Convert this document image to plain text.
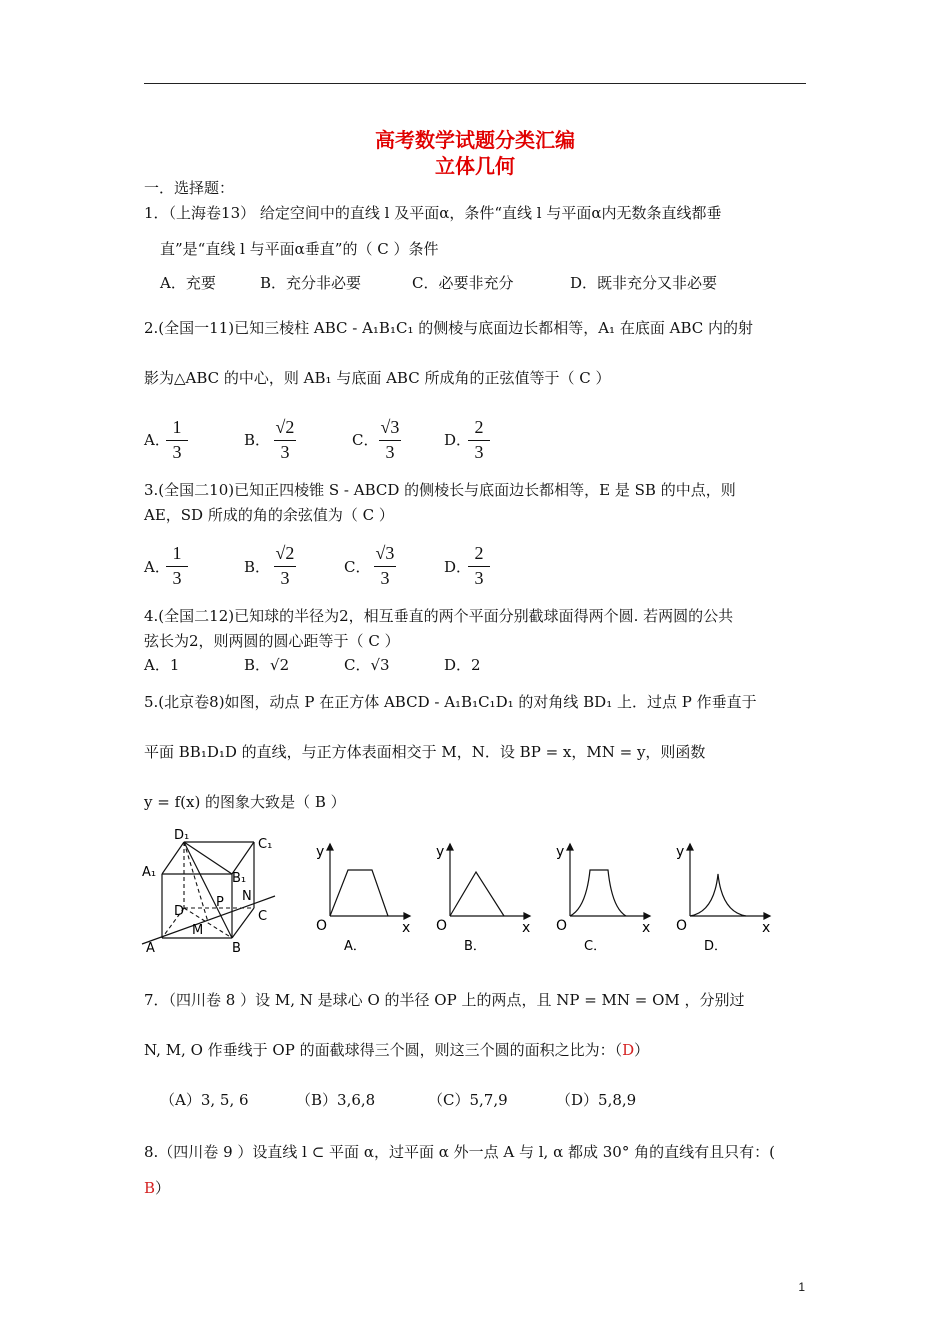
高考数学试题分类汇编
立体几何
一．选择题：
1．（上海卷13） 给定空间中的直线 l 及平面α，条件“直线 l 与平面α内无数条直线都垂
直”是“直线 l 与平面α垂直”的（ C ）条件
A．充要	B．充分非必要	C．必要非充分	D．既非充分又非必要
2.(全国一11)已知三棱柱 ABC - A₁B₁C₁ 的侧棱与底面边长都相等，A₁ 在底面 ABC 内的射
影为△ABC 的中心，则 AB₁ 与底面 ABC 所成角的正弦值等于（ C ）
A．
1
3
B．
√2
3
C．
√3
3
D．
2
3
3.(全国二10)已知正四棱锥 S - ABCD 的侧棱长与底面边长都相等，E 是 SB 的中点，则
AE，SD 所成的角的余弦值为（ C ）
A．
1
3
B．
√2
3
C．
√3
3
D．
2
3
4.(全国二12)已知球的半径为2，相互垂直的两个平面分别截球面得两个圆. 若两圆的公共
弦长为2，则两圆的圆心距等于（ C ）
A．1	B．√2	C．√3	D．2
5.(北京卷8)如图，动点 P 在正方体 ABCD - A₁B₁C₁D₁ 的对角线 BD₁ 上．过点 P 作垂直于
平面 BB₁D₁D 的直线，与正方体表面相交于 M，N．设 BP = x，MN = y，则函数
y = f(x) 的图象大致是（ B ）
D₁
C₁
A₁	B₁
N
P
D	C
M
A	B
y
O	x
A．
y
O	x
B．
y
O	x
C．
y
O	x
D．
7．（四川卷 8 ）设 M, N 是球心 O 的半径 OP 上的两点，且 NP = MN = OM ，分别过
N, M, O 作垂线于 OP 的面截球得三个圆，则这三个圆的面积之比为：（D）
（A）3, 5, 6	（B）3,6,8	（C）5,7,9	（D）5,8,9
8.（四川卷 9 ）设直线 l ⊂ 平面 α，过平面 α 外一点 A 与 l, α 都成 30° 角的直线有且只有：(
B）
1
